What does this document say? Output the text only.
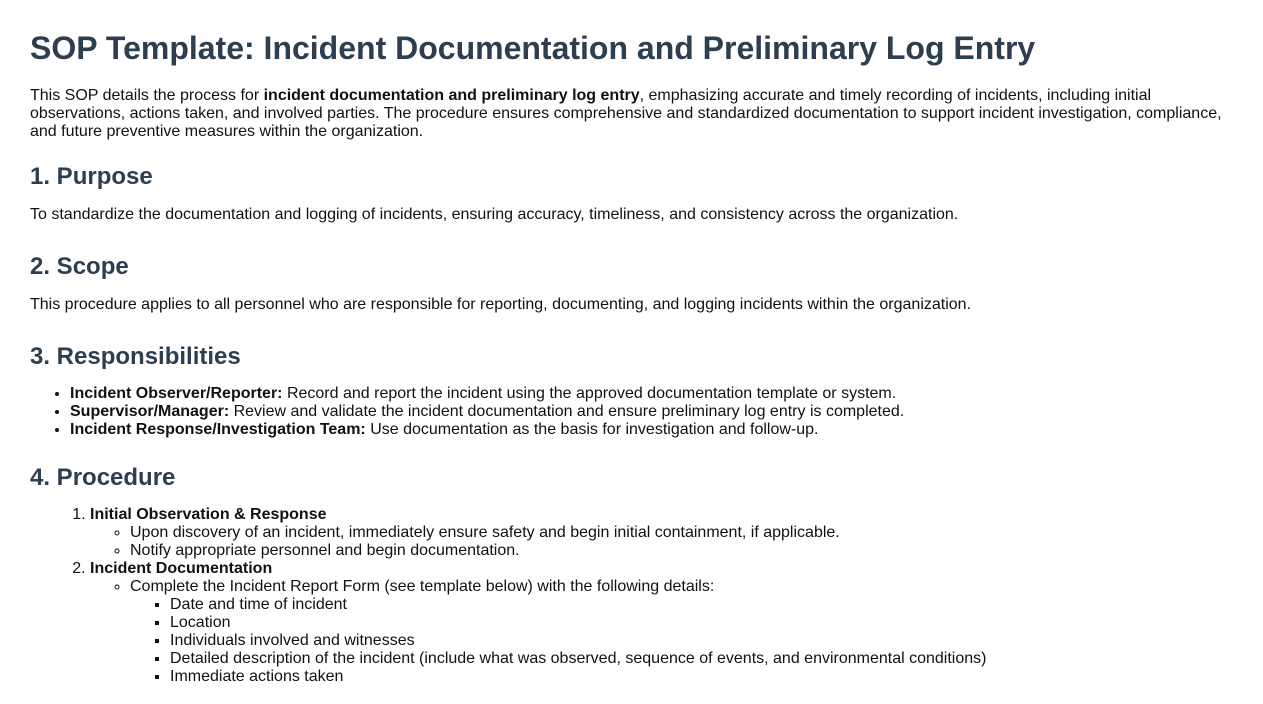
SOP Template: Incident Documentation and Preliminary Log Entry

This SOP details the process for incident documentation and preliminary log entry, emphasizing accurate and timely recording of incidents, including initial observations, actions taken, and involved parties. The procedure ensures comprehensive and standardized documentation to support incident investigation, compliance, and future preventive measures within the organization.

1. Purpose

To standardize the documentation and logging of incidents, ensuring accuracy, timeliness, and consistency across the organization.

2. Scope

This procedure applies to all personnel who are responsible for reporting, documenting, and logging incidents within the organization.

3. Responsibilities
• Incident Observer/Reporter: Record and report the incident using the approved documentation template or system.
• Supervisor/Manager: Review and validate the incident documentation and ensure preliminary log entry is completed.
• Incident Response/Investigation Team: Use documentation as the basis for investigation and follow-up.
4. Procedure
1. Initial Observation & Response
◦ Upon discovery of an incident, immediately ensure safety and begin initial containment, if applicable.
◦ Notify appropriate personnel and begin documentation.
2. Incident Documentation
◦ Complete the Incident Report Form (see template below) with the following details:
▪ Date and time of incident
▪ Location
▪ Individuals involved and witnesses
▪ Detailed description of the incident (include what was observed, sequence of events, and environmental conditions)
▪ Immediate actions taken
